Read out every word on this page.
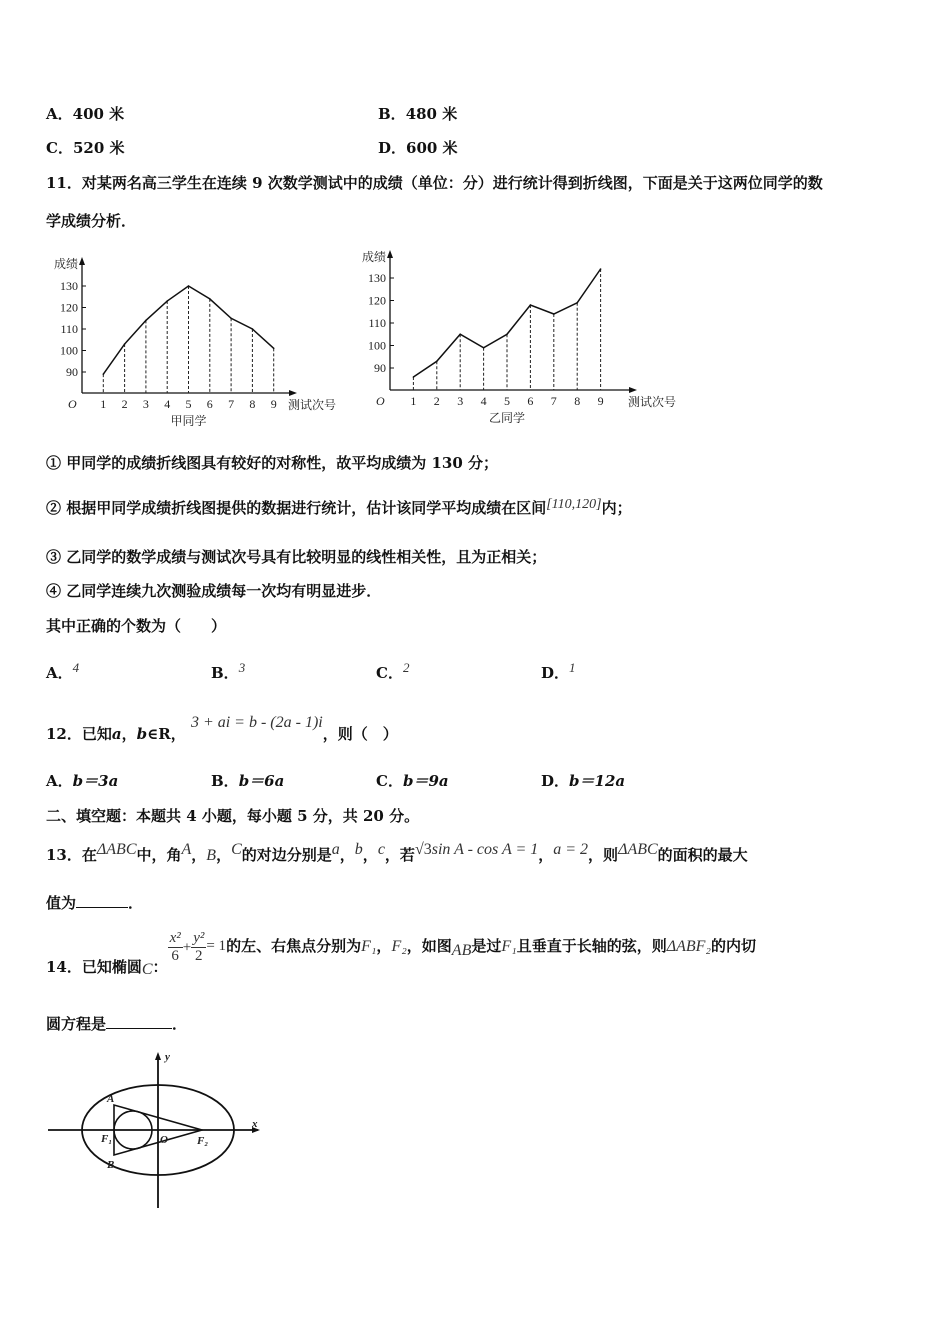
A．400 米	B．480 米
C．520 米	D．600 米
11．对某两名高三学生在连续 9 次数学测试中的成绩（单位：分）进行统计得到折线图，下面是关于这两位同学的数
学成绩分析．
90
100
110
120
130
1 2 3 4 5 6 7 8 9
成绩
测试次号
O
甲同学
90
100
110
120
130
1 2 3 4 5 6 7 8 9
成绩
测试次号
O
乙同学
① 甲同学的成绩折线图具有较好的对称性，故平均成绩为 130 分；
② 根据甲同学成绩折线图提供的数据进行统计，估计该同学平均成绩在区间[110,120]内；
③ 乙同学的数学成绩与测试次号具有比较明显的线性相关性，且为正相关；
④ 乙同学连续九次测验成绩每一次均有明显进步．
其中正确的个数为（　　）
A．4	B．3	C．2	D．1
12．已知a，b∈R， 3 + ai = b - (2a - 1)i，则（　）
A．b＝3a	B．b＝6a	C．b＝9a	D．b＝12a
二、填空题：本题共 4 小题，每小题 5 分，共 20 分。
13．在ΔABC中，角A，B，C的对边分别是a，b，c，若√3sin A - cos A = 1，a = 2，则ΔABC的面积的最大
值为	．
14．已知椭圆C：
$\frac{\text{x²}}{6} + \frac{\text{y²}}{2} = 1$的左、右焦点分别为F₁，F₂，如图AB是过F₁且垂直于长轴的弦，则ΔABF₂的内切
圆方程是	．
y
x
A
B
F₁	F₂
O
